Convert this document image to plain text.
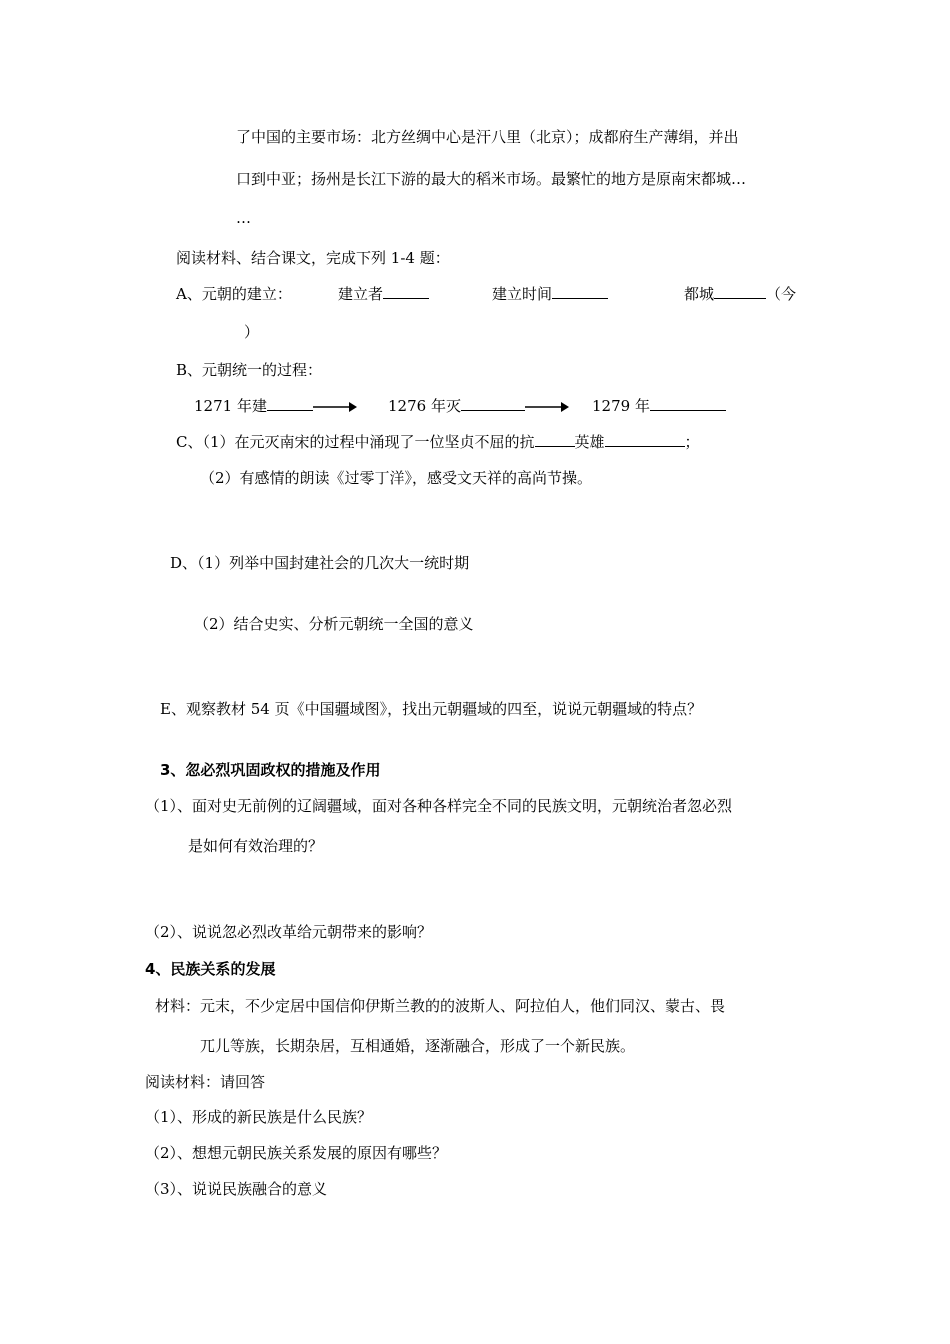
了中国的主要市场：北方丝绸中心是汗八里（北京）；成都府生产薄绢，并出
口到中亚；扬州是长江下游的最大的稻米市场。最繁忙的地方是原南宋都城…
…
阅读材料、结合课文，完成下列 1-4 题：
A、元朝的建立：	建立者	建立时间	都城	（今
）
B、元朝统一的过程：
1271 年建	1276 年灭	1279 年
C、（1）在元灭南宋的过程中涌现了一位坚贞不屈的抗	英雄	；
（2）有感情的朗读《过零丁洋》，感受文天祥的高尚节操。
D、（1）列举中国封建社会的几次大一统时期
（2）结合史实、分析元朝统一全国的意义
E、观察教材 54 页《中国疆域图》，找出元朝疆域的四至，说说元朝疆域的特点？
3、忽必烈巩固政权的措施及作用
（1）、面对史无前例的辽阔疆域，面对各种各样完全不同的民族文明，元朝统治者忽必烈
是如何有效治理的？
（2）、说说忽必烈改革给元朝带来的影响？
4、民族关系的发展
材料：元末，不少定居中国信仰伊斯兰教的的波斯人、阿拉伯人，他们同汉、蒙古、畏
兀儿等族，长期杂居，互相通婚，逐渐融合，形成了一个新民族。
阅读材料：请回答
（1）、形成的新民族是什么民族？
（2）、想想元朝民族关系发展的原因有哪些？
（3）、说说民族融合的意义
